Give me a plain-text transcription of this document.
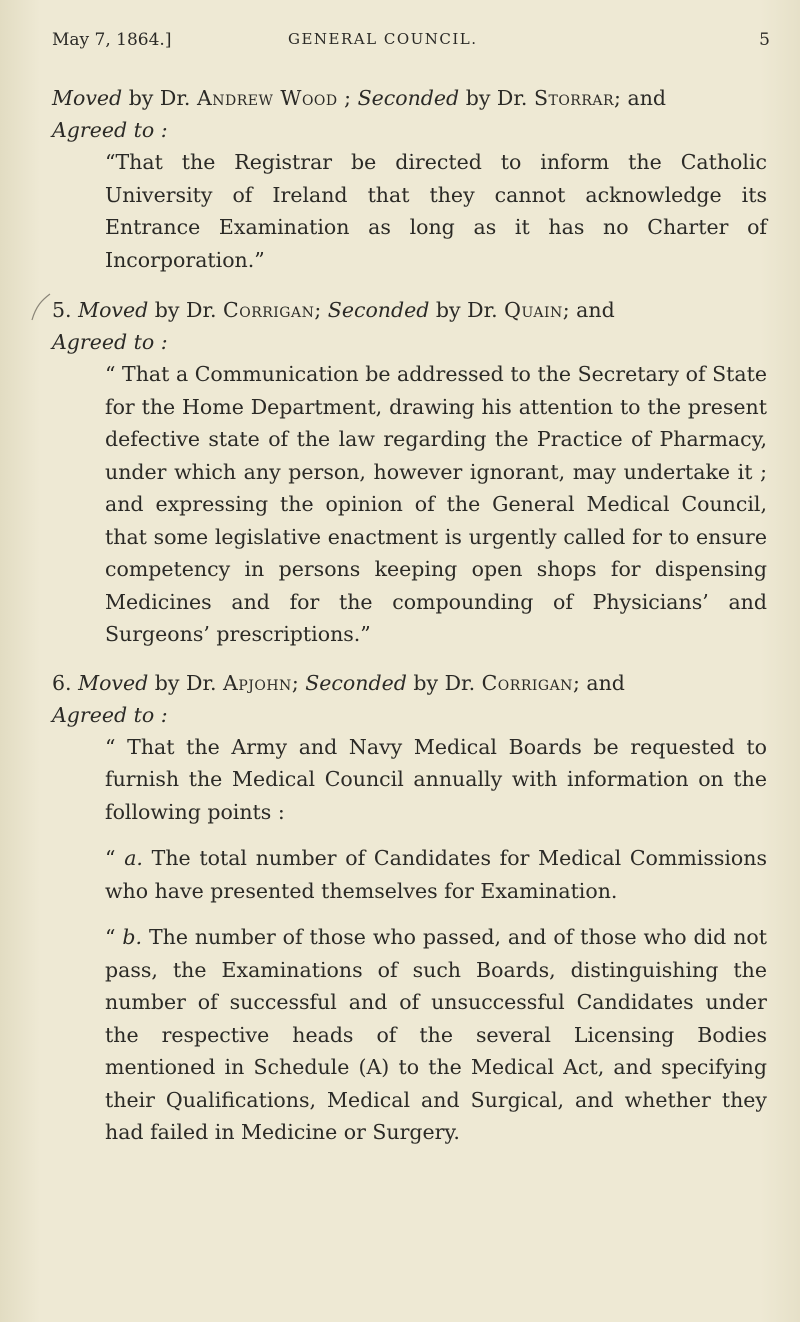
May 7, 1864.]	GENERAL COUNCIL.	5

Moved by Dr. Andrew Wood ; Seconded by Dr. Storrar; and

Agreed to :

“That the Registrar be directed to inform the Catholic University of Ireland that they cannot acknowledge its Entrance Examination as long as it has no Charter of Incorporation.”

5. Moved by Dr. Corrigan; Seconded by Dr. Quain; and

Agreed to :

“ That a Communication be addressed to the Secretary of State for the Home Department, drawing his attention to the present defective state of the law regarding the Practice of Pharmacy, under which any person, however ignorant, may undertake it ; and expressing the opinion of the General Medical Council, that some legislative enactment is urgently called for to ensure competency in persons keeping open shops for dispensing Medicines and for the compounding of Physicians’ and Surgeons’ prescriptions.”

6. Moved by Dr. Apjohn; Seconded by Dr. Corrigan; and

Agreed to :

“ That the Army and Navy Medical Boards be requested to furnish the Medical Council annually with information on the following points :

“ a. The total number of Candidates for Medical Commissions who have presented themselves for Examination.

“ b. The number of those who passed, and of those who did not pass, the Examinations of such Boards, distinguishing the number of successful and of unsuccessful Candidates under the respective heads of the several Licensing Bodies mentioned in Schedule (A) to the Medical Act, and specifying their Qualifications, Medical and Surgical, and whether they had failed in Medicine or Surgery.
